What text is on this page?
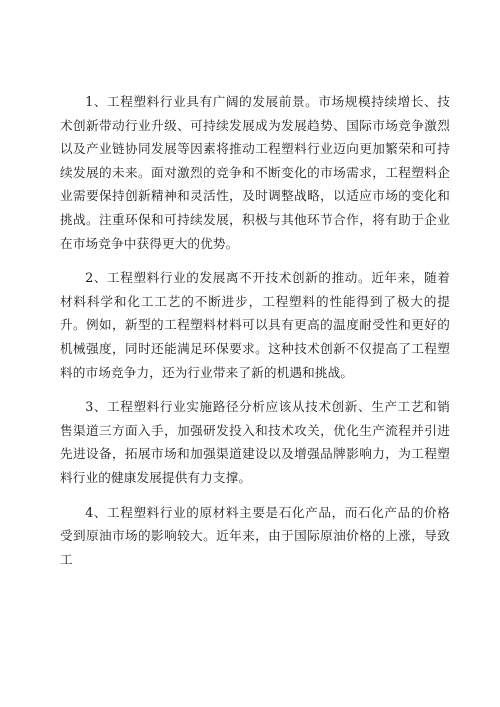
1、工程塑料行业具有广阔的发展前景。市场规模持续增长、技术创新带动行业升级、可持续发展成为发展趋势、国际市场竞争激烈以及产业链协同发展等因素将推动工程塑料行业迈向更加繁荣和可持续发展的未来。面对激烈的竞争和不断变化的市场需求，工程塑料企业需要保持创新精神和灵活性，及时调整战略，以适应市场的变化和挑战。注重环保和可持续发展，积极与其他环节合作，将有助于企业在市场竞争中获得更大的优势。

2、工程塑料行业的发展离不开技术创新的推动。近年来，随着材料科学和化工工艺的不断进步，工程塑料的性能得到了极大的提升。例如，新型的工程塑料材料可以具有更高的温度耐受性和更好的机械强度，同时还能满足环保要求。这种技术创新不仅提高了工程塑料的市场竞争力，还为行业带来了新的机遇和挑战。

3、工程塑料行业实施路径分析应该从技术创新、生产工艺和销售渠道三方面入手，加强研发投入和技术攻关，优化生产流程并引进先进设备，拓展市场和加强渠道建设以及增强品牌影响力，为工程塑料行业的健康发展提供有力支撑。

4、工程塑料行业的原材料主要是石化产品，而石化产品的价格受到原油市场的影响较大。近年来，由于国际原油价格的上涨，导致工
